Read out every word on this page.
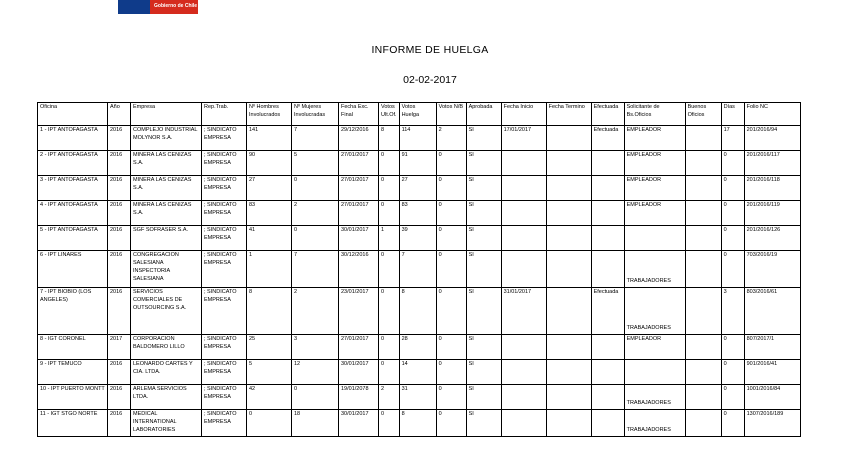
Gobierno de Chile
INFORME DE HUELGA
02-02-2017
Oficina	Año	Empresa	Rep.Trab.	Nº Hombres Involucrados	Nº Mujeres Involucradas	Fecha Exc. Final	Votos Ult.Of.	Votos Huelga	Votos N/B	Aprobada	Fecha Inicio	Fecha Termino	Efectuada	Solicitante de Bs.Oficios	Buenos Oficios	Días	Folio NC
1 - IPT ANTOFAGASTA	2016	COMPLEJO INDUSTRIAL MOLYNOR S.A.	; SINDICATO EMPRESA	141	7	29/12/2016	8	114	2	SI	17/01/2017		Efectuada	EMPLEADOR		17	201/2016/94
2 - IPT ANTOFAGASTA	2016	MINERA LAS CENIZAS S.A.	; SINDICATO EMPRESA	90	5	27/01/2017	0	91	0	SI				EMPLEADOR		0	201/2016/117
3 - IPT ANTOFAGASTA	2016	MINERA LAS CENIZAS S.A.	; SINDICATO EMPRESA	27	0	27/01/2017	0	27	0	SI				EMPLEADOR		0	201/2016/118
4 - IPT ANTOFAGASTA	2016	MINERA LAS CENIZAS S.A.	; SINDICATO EMPRESA	83	2	27/01/2017	0	83	0	SI				EMPLEADOR		0	201/2016/119
5 - IPT ANTOFAGASTA	2016	SGF SOFRASER S.A.	; SINDICATO EMPRESA	41	0	30/01/2017	1	39	0	SI						0	201/2016/126
6 - IPT LINARES	2016	CONGREGACION SALESIANA INSPECTORIA SALESIANA	; SINDICATO EMPRESA	1	7	30/12/2016	0	7	0	SI				TRABAJADORES		0	703/2016/19
7 - IPT BIOBIO (LOS ANGELES)	2016	SERVICIOS COMERCIALES DE OUTSOURCING S.A.	; SINDICATO EMPRESA	8	2	23/01/2017	0	8	0	SI	31/01/2017		Efectuada	TRABAJADORES		3	803/2016/61
8 - IGT CORONEL	2017	CORPORACION BALDOMERO LILLO	; SINDICATO EMPRESA	25	3	27/01/2017	0	28	0	SI				EMPLEADOR		0	807/2017/1
9 - IPT TEMUCO	2016	LEONARDO CARTES Y CIA. LTDA.	; SINDICATO EMPRESA	5	12	30/01/2017	0	14	0	SI						0	901/2016/41
10 - IPT PUERTO MONTT	2016	ARLEMA SERVICIOS LTDA.	; SINDICATO EMPRESA	42	0	19/01/2078	2	31	0	SI				TRABAJADORES		0	1001/2016/84
11 - IGT STGO NORTE	2016	MEDICAL INTERNATIONAL LABORATORIES	; SINDICATO EMPRESA	0	18	30/01/2017	0	8	0	SI				TRABAJADORES		0	1307/2016/189
